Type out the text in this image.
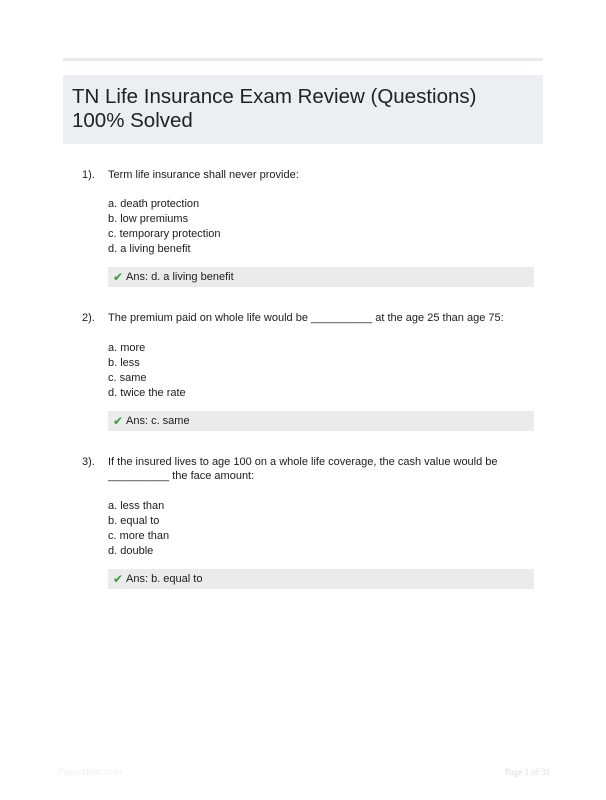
TN Life Insurance Exam Review (Questions) 100% Solved
1). Term life insurance shall never provide:
a. death protection
b. low premiums
c. temporary protection
d. a living benefit
✔ Ans: d. a living benefit
2). The premium paid on whole life would be __________ at the age 25 than age 75:
a. more
b. less
c. same
d. twice the rate
✔ Ans: c. same
3). If the insured lives to age 100 on a whole life coverage, the cash value would be __________ the face amount:
a. less than
b. equal to
c. more than
d. double
✔ Ans: b. equal to
PaperNotic.com	Page 1 of 31
